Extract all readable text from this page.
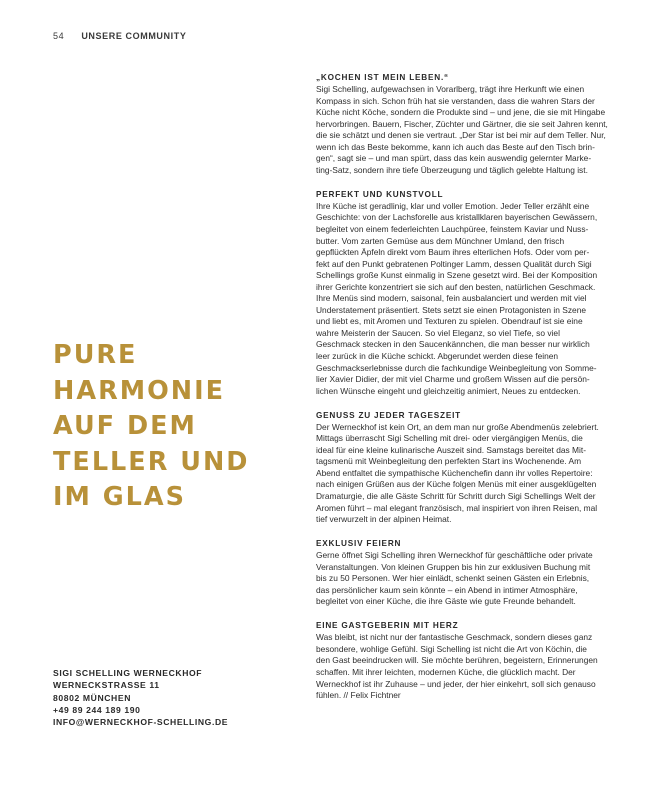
54 UNSERE COMMUNITY
PURE
HARMONIE
AUF DEM
TELLER UND
IM GLAS
SIGI SCHELLING WERNECKHOF
WERNECKSTRASSE 11
80802 MÜNCHEN
+49 89 244 189 190
INFO@WERNECKHOF-SCHELLING.DE
„KOCHEN IST MEIN LEBEN.“
Sigi Schelling, aufgewachsen in Vorarlberg, trägt ihre Herkunft wie einen
Kompass in sich. Schon früh hat sie verstanden, dass die wahren Stars der
Küche nicht Köche, sondern die Produkte sind – und jene, die sie mit Hingabe
hervorbringen. Bauern, Fischer, Züchter und Gärtner, die sie seit Jahren kennt,
die sie schätzt und denen sie vertraut. „Der Star ist bei mir auf dem Teller. Nur,
wenn ich das Beste bekomme, kann ich auch das Beste auf den Tisch brin-
gen“, sagt sie – und man spürt, dass das kein auswendig gelernter Marke-
ting-Satz, sondern ihre tiefe Überzeugung und täglich gelebte Haltung ist.
PERFEKT UND KUNSTVOLL
Ihre Küche ist geradlinig, klar und voller Emotion. Jeder Teller erzählt eine
Geschichte: von der Lachsforelle aus kristallklaren bayerischen Gewässern,
begleitet von einem federleichten Lauchpüree, feinstem Kaviar und Nuss-
butter. Vom zarten Gemüse aus dem Münchner Umland, den frisch
gepflückten Äpfeln direkt vom Baum ihres elterlichen Hofs. Oder vom per-
fekt auf den Punkt gebratenen Poltinger Lamm, dessen Qualität durch Sigi
Schellings große Kunst einmalig in Szene gesetzt wird. Bei der Komposition
ihrer Gerichte konzentriert sie sich auf den besten, natürlichen Geschmack.
Ihre Menüs sind modern, saisonal, fein ausbalanciert und werden mit viel
Understatement präsentiert. Stets setzt sie einen Protagonisten in Szene
und liebt es, mit Aromen und Texturen zu spielen. Obendrauf ist sie eine
wahre Meisterin der Saucen. So viel Eleganz, so viel Tiefe, so viel
Geschmack stecken in den Saucenkännchen, die man besser nur wirklich
leer zurück in die Küche schickt. Abgerundet werden diese feinen
Geschmackserlebnisse durch die fachkundige Weinbegleitung von Somme-
lier Xavier Didier, der mit viel Charme und großem Wissen auf die persön-
lichen Wünsche eingeht und gleichzeitig animiert, Neues zu entdecken.
GENUSS ZU JEDER TAGESZEIT
Der Werneckhof ist kein Ort, an dem man nur große Abendmenüs zelebriert.
Mittags überrascht Sigi Schelling mit drei- oder viergängigen Menüs, die
ideal für eine kleine kulinarische Auszeit sind. Samstags bereitet das Mit-
tagsmenü mit Weinbegleitung den perfekten Start ins Wochenende. Am
Abend entfaltet die sympathische Küchenchefin dann ihr volles Repertoire:
nach einigen Grüßen aus der Küche folgen Menüs mit einer ausgeklügelten
Dramaturgie, die alle Gäste Schritt für Schritt durch Sigi Schellings Welt der
Aromen führt – mal elegant französisch, mal inspiriert von ihren Reisen, mal
tief verwurzelt in der alpinen Heimat.
EXKLUSIV FEIERN
Gerne öffnet Sigi Schelling ihren Werneckhof für geschäftliche oder private
Veranstaltungen. Von kleinen Gruppen bis hin zur exklusiven Buchung mit
bis zu 50 Personen. Wer hier einlädt, schenkt seinen Gästen ein Erlebnis,
das persönlicher kaum sein könnte – ein Abend in intimer Atmosphäre,
begleitet von einer Küche, die ihre Gäste wie gute Freunde behandelt.
EINE GASTGEBERIN MIT HERZ
Was bleibt, ist nicht nur der fantastische Geschmack, sondern dieses ganz
besondere, wohlige Gefühl. Sigi Schelling ist nicht die Art von Köchin, die
den Gast beeindrucken will. Sie möchte berühren, begeistern, Erinnerungen
schaffen. Mit ihrer leichten, modernen Küche, die glücklich macht. Der
Werneckhof ist ihr Zuhause – und jeder, der hier einkehrt, soll sich genauso
fühlen. // Felix Fichtner
